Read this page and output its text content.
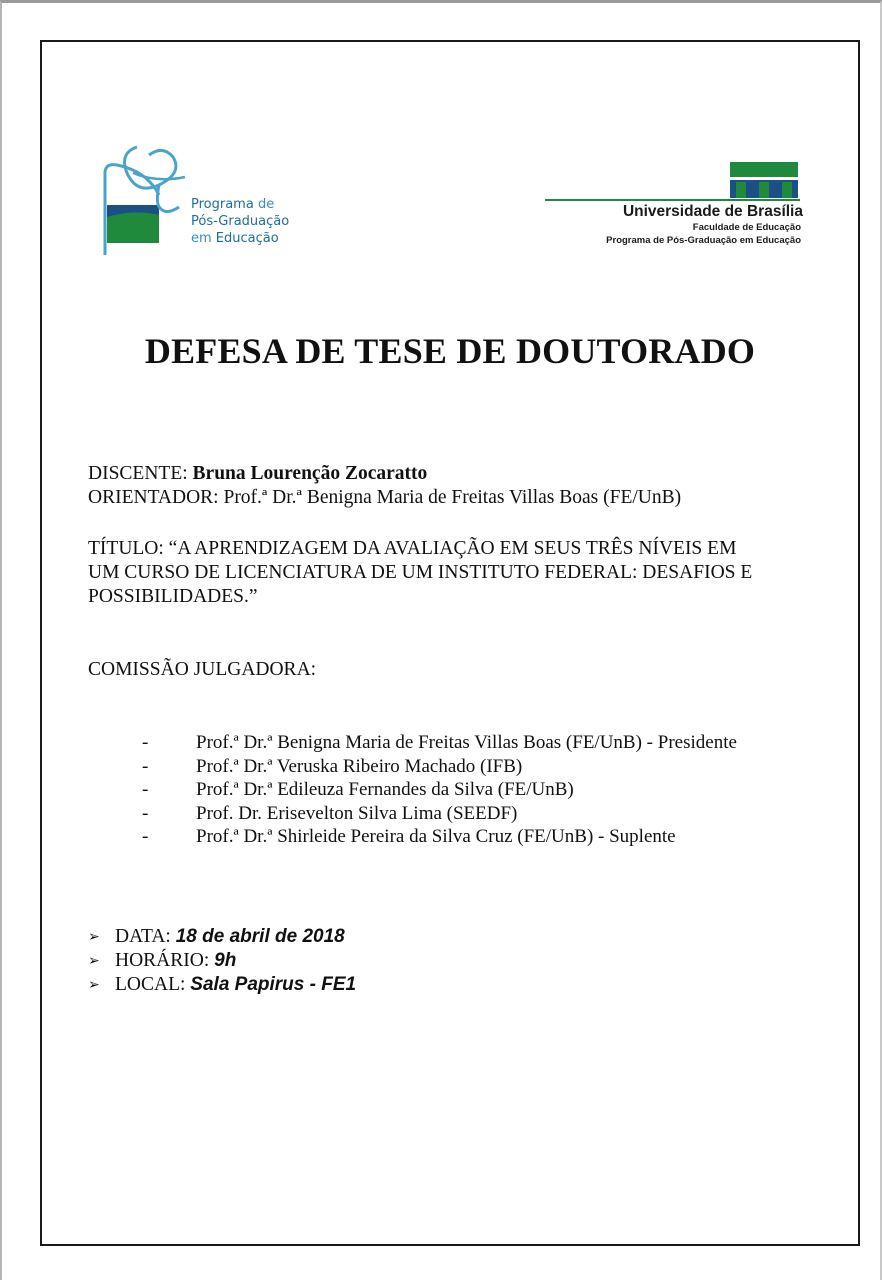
Programa de
Pós-Graduação
em Educação
Universidade de Brasília
Faculdade de Educação
Programa de Pós-Graduação em Educação
DEFESA DE TESE DE DOUTORADO
DISCENTE: Bruna Lourenção Zocaratto
ORIENTADOR: Prof.ª Dr.ª Benigna Maria de Freitas Villas Boas (FE/UnB)
TÍTULO: “A APRENDIZAGEM DA AVALIAÇÃO EM SEUS TRÊS NÍVEIS EM
UM CURSO DE LICENCIATURA DE UM INSTITUTO FEDERAL: DESAFIOS E
POSSIBILIDADES.”
COMISSÃO JULGADORA:
-	Prof.ª Dr.ª Benigna Maria de Freitas Villas Boas (FE/UnB) - Presidente
-	Prof.ª Dr.ª Veruska Ribeiro Machado (IFB)
-	Prof.ª Dr.ª Edileuza Fernandes da Silva (FE/UnB)
-	Prof. Dr. Erisevelton Silva Lima (SEEDF)
-	Prof.ª Dr.ª Shirleide Pereira da Silva Cruz (FE/UnB) - Suplente
➢ DATA: 18 de abril de 2018
➢ HORÁRIO: 9h
➢ LOCAL: Sala Papirus - FE1
